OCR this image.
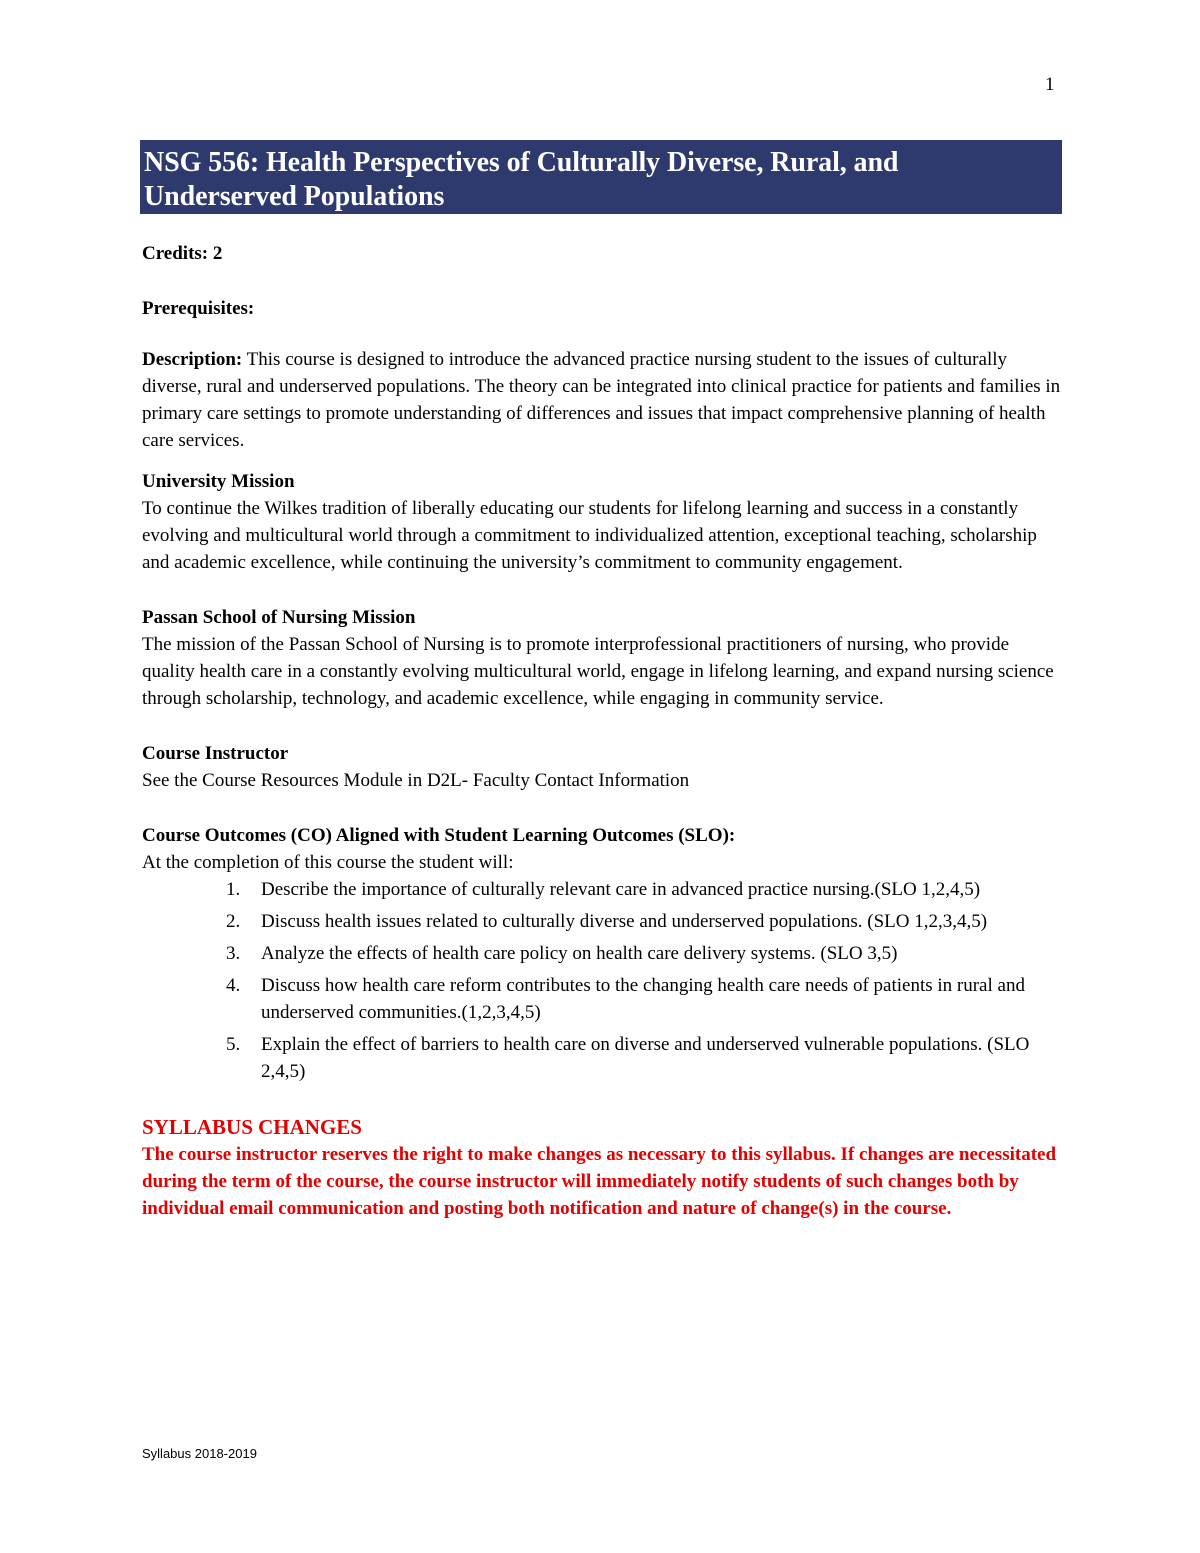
1
NSG 556: Health Perspectives of Culturally Diverse, Rural, and Underserved Populations

Credits: 2

Prerequisites:

Description: This course is designed to introduce the advanced practice nursing student to the issues of culturally diverse, rural and underserved populations. The theory can be integrated into clinical practice for patients and families in primary care settings to promote understanding of differences and issues that impact comprehensive planning of health care services.

University Mission

To continue the Wilkes tradition of liberally educating our students for lifelong learning and success in a constantly evolving and multicultural world through a commitment to individualized attention, exceptional teaching, scholarship and academic excellence, while continuing the university’s commitment to community engagement.

Passan School of Nursing Mission

The mission of the Passan School of Nursing is to promote interprofessional practitioners of nursing, who provide quality health care in a constantly evolving multicultural world, engage in lifelong learning, and expand nursing science through scholarship, technology, and academic excellence, while engaging in community service.

Course Instructor

See the Course Resources Module in D2L- Faculty Contact Information

Course Outcomes (CO) Aligned with Student Learning Outcomes (SLO):

At the completion of this course the student will:

1. Describe the importance of culturally relevant care in advanced practice nursing.(SLO 1,2,4,5)
2. Discuss health issues related to culturally diverse and underserved populations. (SLO 1,2,3,4,5)
3. Analyze the effects of health care policy on health care delivery systems. (SLO 3,5)
4. Discuss how health care reform contributes to the changing health care needs of patients in rural and underserved communities.(1,2,3,4,5)
5. Explain the effect of barriers to health care on diverse and underserved vulnerable populations. (SLO 2,4,5)
SYLLABUS CHANGES

The course instructor reserves the right to make changes as necessary to this syllabus. If changes are necessitated during the term of the course, the course instructor will immediately notify students of such changes both by individual email communication and posting both notification and nature of change(s) in the course.

Syllabus 2018-2019
